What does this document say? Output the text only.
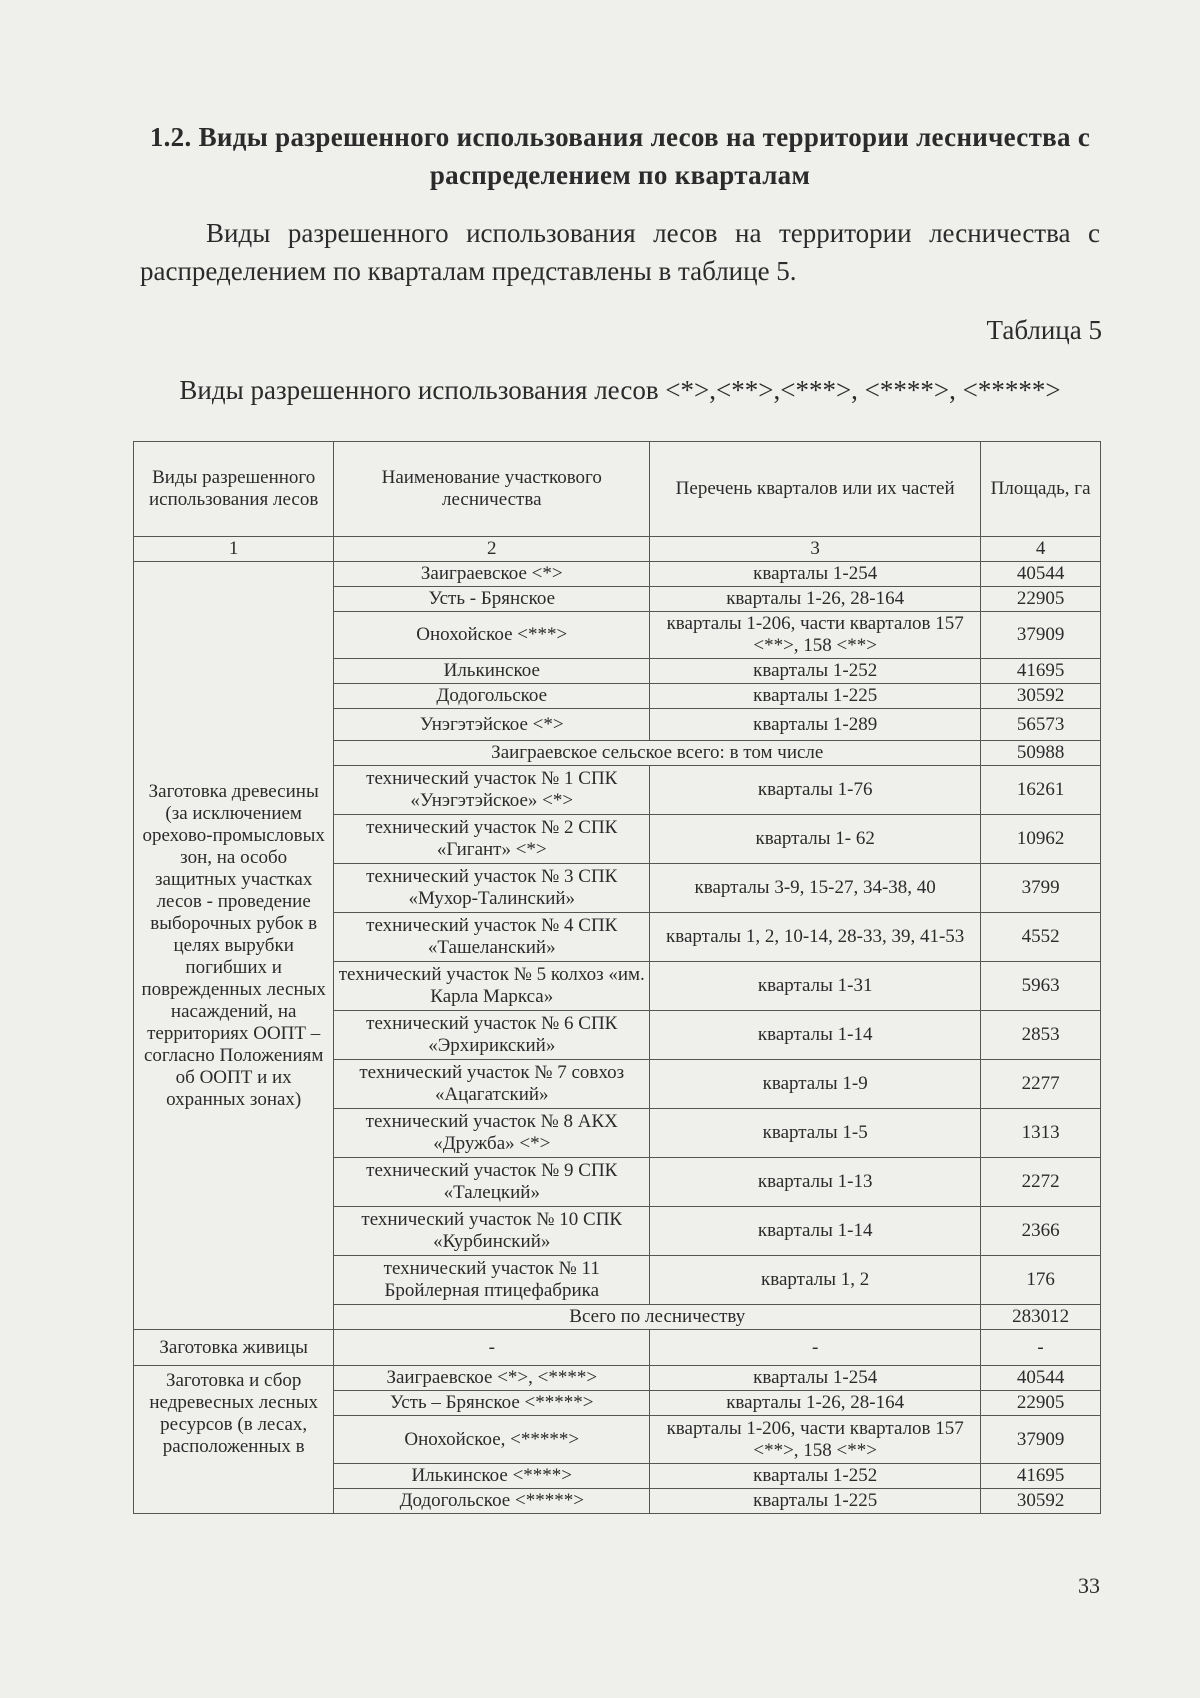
1.2. Виды разрешенного использования лесов на территории лесничества с распределением по кварталам
Виды разрешенного использования лесов на территории лесничества с распределением по кварталам представлены в таблице 5.
Таблица 5
Виды разрешенного использования лесов <*>,<**>,<***>, <****>, <*****>
Виды разрешенного использования лесов	Наименование участкового лесничества	Перечень кварталов или их частей	Площадь, га
1	2	3	4
Заготовка древесины (за исключением орехово-промысловых зон, на особо защитных участках лесов - проведение выборочных рубок в целях вырубки погибших и поврежденных лесных насаждений, на территориях ООПТ – согласно Положениям об ООПТ и их охранных зонах)	Заиграевское <*>	кварталы 1-254	40544
	Усть - Брянское	кварталы 1-26, 28-164	22905
	Онохойское <***>	кварталы 1-206, части кварталов 157 <**>, 158 <**>	37909
	Илькинское	кварталы 1-252	41695
	Додогольское	кварталы 1-225	30592
	Унэгэтэйское <*>	кварталы 1-289	56573
	Заиграевское сельское всего: в том числе		50988
	технический участок № 1 СПК «Унэгэтэйское» <*>	кварталы 1-76	16261
	технический участок № 2 СПК «Гигант» <*>	кварталы 1- 62	10962
	технический участок № 3 СПК «Мухор-Талинский»	кварталы 3-9, 15-27, 34-38, 40	3799
	технический участок № 4 СПК «Ташеланский»	кварталы 1, 2, 10-14, 28-33, 39, 41-53	4552
	технический участок № 5 колхоз «им. Карла Маркса»	кварталы 1-31	5963
	технический участок № 6 СПК «Эрхирикский»	кварталы 1-14	2853
	технический участок № 7 совхоз «Ацагатский»	кварталы 1-9	2277
	технический участок № 8 АКХ «Дружба» <*>	кварталы 1-5	1313
	технический участок № 9 СПК «Талецкий»	кварталы 1-13	2272
	технический участок № 10 СПК «Курбинский»	кварталы 1-14	2366
	технический участок № 11 Бройлерная птицефабрика	кварталы 1, 2	176
	Всего по лесничеству		283012
Заготовка живицы	-	-	-
Заготовка и сбор недревесных лесных ресурсов (в лесах, расположенных в	Заиграевское <*>, <****>	кварталы 1-254	40544
	Усть – Брянское <*****>	кварталы 1-26, 28-164	22905
	Онохойское, <*****>	кварталы 1-206, части кварталов 157 <**>, 158 <**>	37909
	Илькинское <****>	кварталы 1-252	41695
	Додогольское <*****>	кварталы 1-225	30592
33
